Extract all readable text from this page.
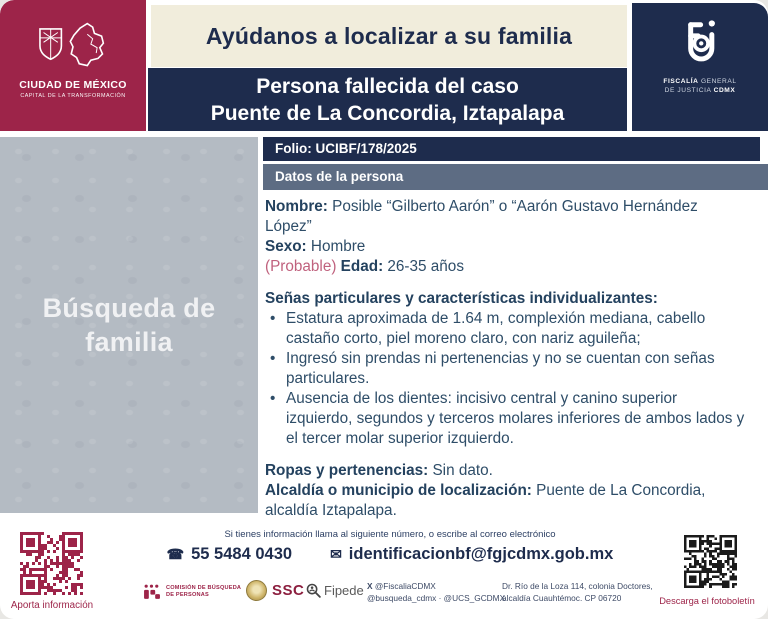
CIUDAD DE MÉXICO
CAPITAL DE LA TRANSFORMACIÓN
Ayúdanos a localizar a su familia
Persona fallecida del caso
Puente de La Concordia, Iztapalapa
FISCALÍA GENERAL
DE JUSTICIA CDMX
Búsqueda de
familia
Folio: UCIBF/178/2025
Datos de la persona

Nombre: Posible “Gilberto Aarón” o “Aarón Gustavo Hernández López”

Sexo: Hombre

(Probable) Edad: 26-35 años

Señas particulares y características individualizantes:

• Estatura aproximada de 1.64 m, complexión mediana, cabello castaño corto, piel moreno claro, con nariz aguileña;
• Ingresó sin prendas ni pertenencias y no se cuentan con señas particulares.
• Ausencia de los dientes: incisivo central y canino superior izquierdo, segundos y terceros molares inferiores de ambos lados y el tercer molar superior izquierdo.

Ropas y pertenencias: Sin dato.

Alcaldía o municipio de localización: Puente de La Concordia, alcaldía Iztapalapa.

Si tienes información llama al siguiente número, o escribe al correo electrónico
☎ 55 5484 0430	✉ identificacionbf@fgjcdmx.gob.mx
COMISIÓN DE BÚSQUEDA
DE PERSONAS	SSC Fipede X @FiscaliaCDMX
@busqueda_cdmx · @UCS_GCDMX
Dr. Río de la Loza 114, colonia Doctores,
alcaldía Cuauhtémoc. CP 06720
Aporta información	Descarga el fotoboletín
